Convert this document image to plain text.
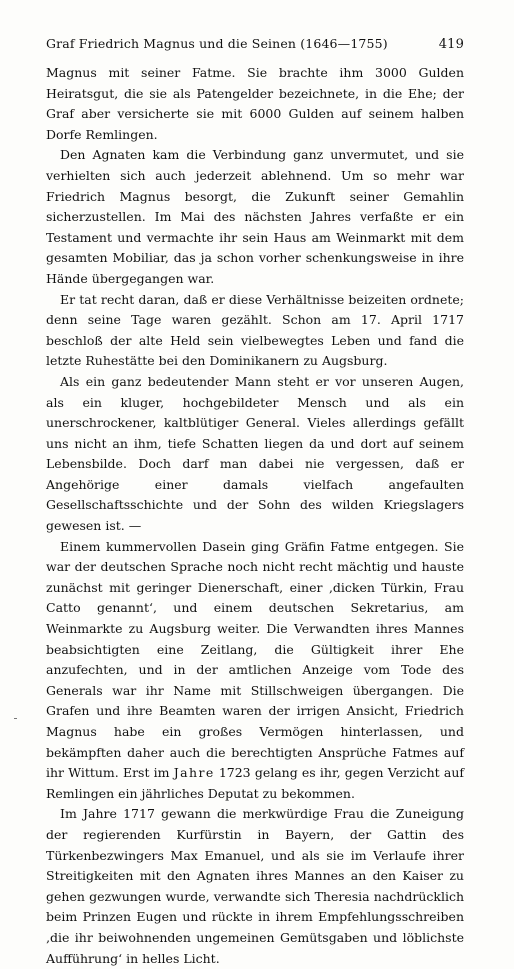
Graf Friedrich Magnus und die Seinen (1646—1755)	419

Magnus mit seiner Fatme. Sie brachte ihm 3000 Gulden Heiratsgut, die sie als Patengelder bezeichnete, in die Ehe; der Graf aber versicherte sie mit 6000 Gulden auf seinem halben Dorfe Remlingen.

Den Agnaten kam die Verbindung ganz unvermutet, und sie verhielten sich auch jederzeit ablehnend. Um so mehr war Friedrich Magnus besorgt, die Zukunft seiner Gemahlin sicherzustellen. Im Mai des nächsten Jahres verfaßte er ein Testament und vermachte ihr sein Haus am Weinmarkt mit dem gesamten Mobiliar, das ja schon vorher schenkungsweise in ihre Hände übergegangen war.

Er tat recht daran, daß er diese Verhältnisse beizeiten ordnete; denn seine Tage waren gezählt. Schon am 17. April 1717 beschloß der alte Held sein vielbewegtes Leben und fand die letzte Ruhestätte bei den Dominikanern zu Augsburg.

Als ein ganz bedeutender Mann steht er vor unseren Augen, als ein kluger, hochgebildeter Mensch und als ein unerschrockener, kaltblütiger General. Vieles allerdings gefällt uns nicht an ihm, tiefe Schatten liegen da und dort auf seinem Lebensbilde. Doch darf man dabei nie vergessen, daß er Angehörige einer damals vielfach angefaulten Gesellschaftsschichte und der Sohn des wilden Kriegslagers gewesen ist. —

Einem kummervollen Dasein ging Gräfin Fatme entgegen. Sie war der deutschen Sprache noch nicht recht mächtig und hauste zunächst mit geringer Dienerschaft, einer ‚dicken Türkin, Frau Catto genannt‘, und einem deutschen Sekretarius, am Weinmarkte zu Augsburg weiter. Die Verwandten ihres Mannes beabsichtigten eine Zeitlang, die Gültigkeit ihrer Ehe anzufechten, und in der amtlichen Anzeige vom Tode des Generals war ihr Name mit Stillschweigen übergangen. Die Grafen und ihre Beamten waren der irrigen Ansicht, Friedrich Magnus habe ein großes Vermögen hinterlassen, und bekämpften daher auch die berechtigten Ansprüche Fatmes auf ihr Wittum. Erst im Jahre 1723 gelang es ihr, gegen Verzicht auf Remlingen ein jährliches Deputat zu bekommen.

Im Jahre 1717 gewann die merkwürdige Frau die Zuneigung der regierenden Kurfürstin in Bayern, der Gattin des Türkenbezwingers Max Emanuel, und als sie im Verlaufe ihrer Streitigkeiten mit den Agnaten ihres Mannes an den Kaiser zu gehen gezwungen wurde, verwandte sich Theresia nachdrücklich beim Prinzen Eugen und rückte in ihrem Empfehlungsschreiben ‚die ihr beiwohnenden ungemeinen Gemütsgaben und löblichste Aufführung‘ in helles Licht.
